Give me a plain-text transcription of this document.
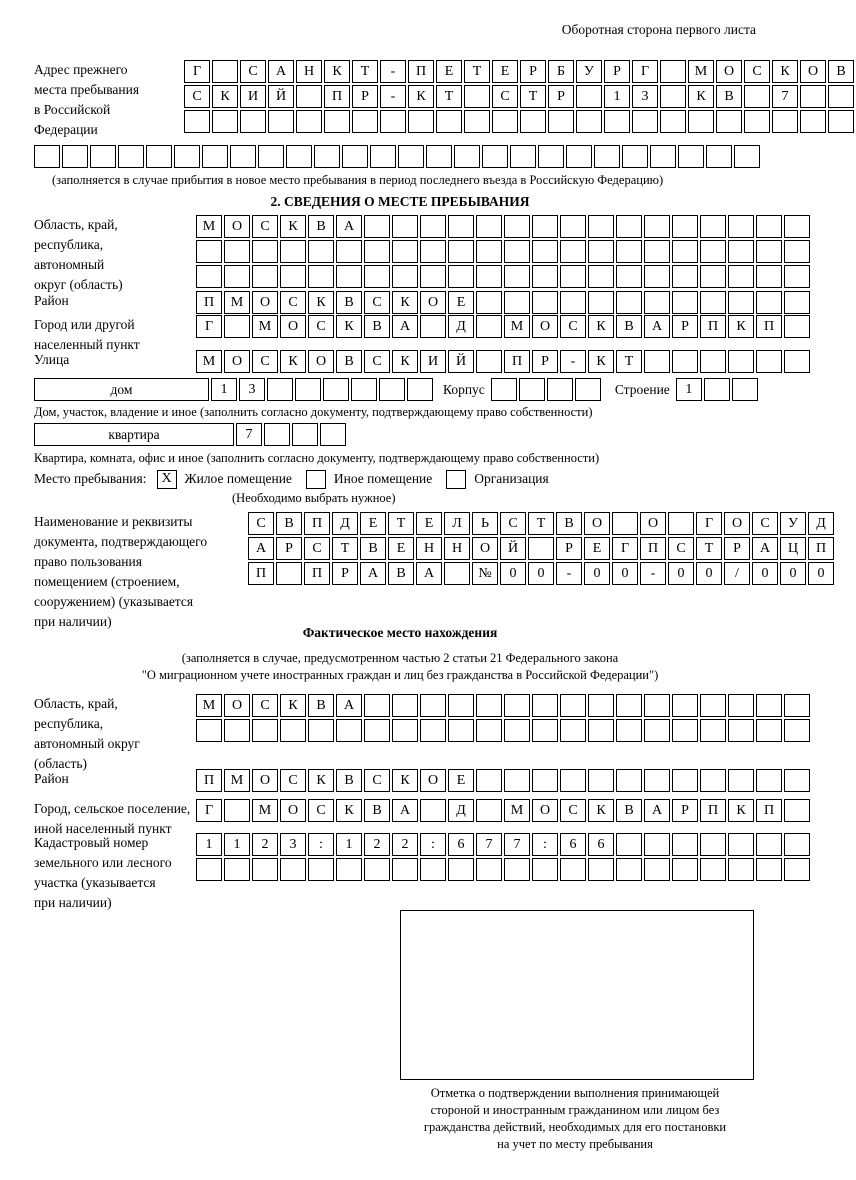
Оборотная сторона первого листа
Адрес прежнего
места пребывания
в Российской
Федерации
Г	С	А	Н	К	Т	-	П	Е	Т	Е	Р	Б	У	Р	Г	М	О	С	К	О	В
С	К	И	Й	П	Р	-	К	Т	С	Т	Р	1	3	К	В	7
(заполняется в случае прибытия в новое место пребывания в период последнего въезда в Российскую Федерацию)
2. СВЕДЕНИЯ О МЕСТЕ ПРЕБЫВАНИЯ
Область, край,
республика,
автономный
округ (область)
М	О	С	К	В	А
Район	П	М	О	С	К	В	С	К	О	Е
Город или другой
населенный пункт
Г	М	О	С	К	В	А	Д	М	О	С	К	В	А	Р	П	К	П
Улица	М	О	С	К	О	В	С	К	И	Й	П	Р	-	К	Т
дом	1	3	Корпус	Строение	1
Дом, участок, владение и иное (заполнить согласно документу, подтверждающему право собственности)
квартира	7
Квартира, комната, офис и иное (заполнить согласно документу, подтверждающему право собственности)
Место пребывания:	X Жилое помещение	Иное помещение	Организация
(Необходимо выбрать нужное)
Наименование и реквизиты
документа, подтверждающего
право пользования
помещением (строением,
сооружением) (указывается
при наличии)
С	В	П	Д	Е	Т	Е	Л	Ь	С	Т	В	О	О	Г	О	С	У	Д
А	Р	С	Т	В	Е	Н	Н	О	Й	Р	Е	Г	П	С	Т	Р	А	Ц	П
П	П	Р	А	В	А	№	0	0	-	0	0	-	0	0	/	0	0	0
Фактическое место нахождения
(заполняется в случае, предусмотренном частью 2 статьи 21 Федерального закона
"О миграционном учете иностранных граждан и лиц без гражданства в Российской Федерации")
Область, край,
республика,
автономный округ
(область)
М	О	С	К	В	А
Район	П	М	О	С	К	В	С	К	О	Е
Город, сельское поселение,
иной населенный пункт
Г	М	О	С	К	В	А	Д	М	О	С	К	В	А	Р	П	К	П
Кадастровый номер
земельного или лесного
участка (указывается
при наличии)
1	1	2	3	:	1	2	2	:	6	7	7	:	6	6
Отметка о подтверждении выполнения принимающей
стороной и иностранным гражданином или лицом без
гражданства действий, необходимых для его постановки
на учет по месту пребывания
